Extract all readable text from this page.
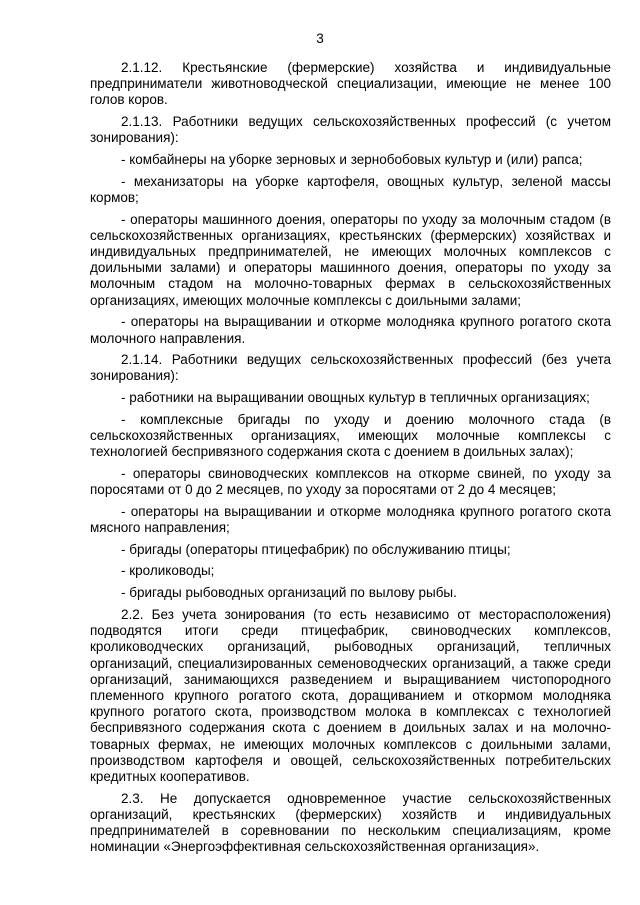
3

2.1.12. Крестьянские (фермерские) хозяйства и индивидуальные предприниматели животноводческой специализации, имеющие не менее 100 голов коров.

2.1.13. Работники ведущих сельскохозяйственных профессий (с учетом зонирования):

- комбайнеры на уборке зерновых и зернобобовых культур и (или) рапса;

- механизаторы на уборке картофеля, овощных культур, зеленой массы кормов;

- операторы машинного доения, операторы по уходу за молочным стадом (в сельскохозяйственных организациях, крестьянских (фермерских) хозяйствах и индивидуальных предпринимателей, не имеющих молочных комплексов с доильными залами) и операторы машинного доения, операторы по уходу за молочным стадом на молочно-товарных фермах в сельскохозяйственных организациях, имеющих молочные комплексы с доильными залами;

- операторы на выращивании и откорме молодняка крупного рогатого скота молочного направления.

2.1.14. Работники ведущих сельскохозяйственных профессий (без учета зонирования):

- работники на выращивании овощных культур в тепличных организациях;

- комплексные бригады по уходу и доению молочного стада (в сельскохозяйственных организациях, имеющих молочные комплексы с технологией беспривязного содержания скота с доением в доильных залах);

- операторы свиноводческих комплексов на откорме свиней, по уходу за поросятами от 0 до 2 месяцев, по уходу за поросятами от 2 до 4 месяцев;

- операторы на выращивании и откорме молодняка крупного рогатого скота мясного направления;

- бригады (операторы птицефабрик) по обслуживанию птицы;

- кролиководы;

- бригады рыбоводных организаций по вылову рыбы.

2.2. Без учета зонирования (то есть независимо от месторасположения) подводятся итоги среди птицефабрик, свиноводческих комплексов, кролиководческих организаций, рыбоводных организаций, тепличных организаций, специализированных семеноводческих организаций, а также среди организаций, занимающихся разведением и выращиванием чистопородного племенного крупного рогатого скота, доращиванием и откормом молодняка крупного рогатого скота, производством молока в комплексах с технологией беспривязного содержания скота с доением в доильных залах и на молочно-товарных фермах, не имеющих молочных комплексов с доильными залами, производством картофеля и овощей, сельскохозяйственных потребительских кредитных кооперативов.

2.3. Не допускается одновременное участие сельскохозяйственных организаций, крестьянских (фермерских) хозяйств и индивидуальных предпринимателей в соревновании по нескольким специализациям, кроме номинации «Энергоэффективная сельскохозяйственная организация».
